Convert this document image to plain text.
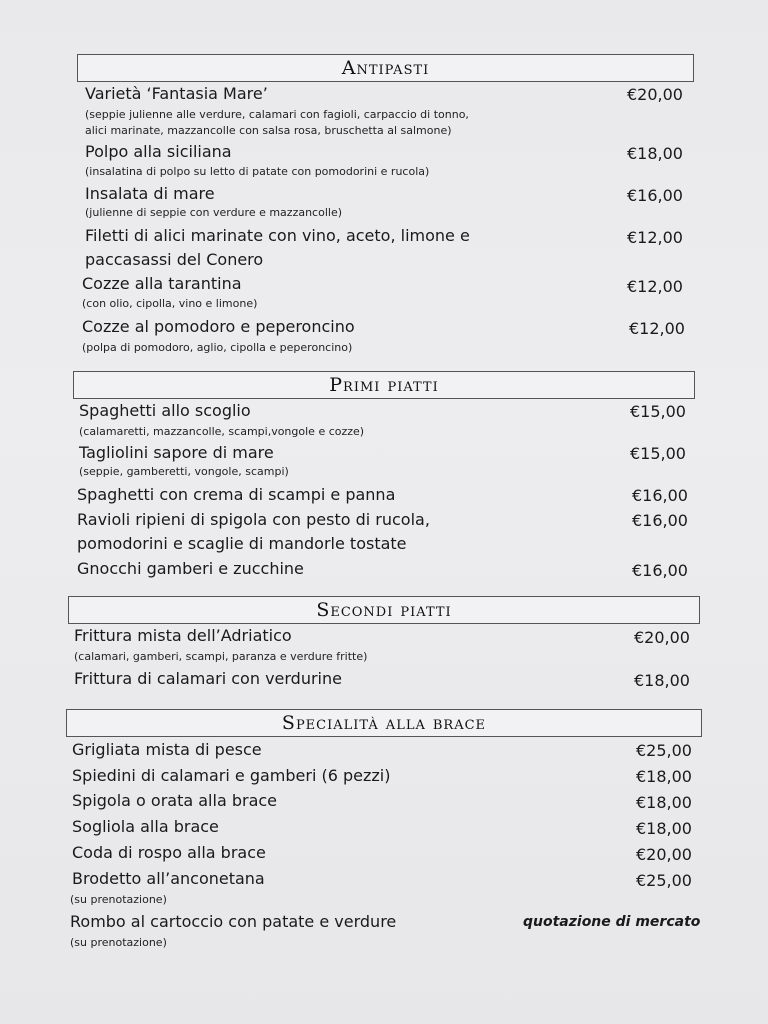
Antipasti
Varietà ‘Fantasia Mare’	€20,00
(seppie julienne alle verdure, calamari con fagioli, carpaccio di tonno,
alici marinate, mazzancolle con salsa rosa, bruschetta al salmone)
Polpo alla siciliana	€18,00
(insalatina di polpo su letto di patate con pomodorini e rucola)
Insalata di mare	€16,00
(julienne di seppie con verdure e mazzancolle)
Filetti di alici marinate con vino, aceto, limone e	€12,00
paccasassi del Conero
Cozze alla tarantina	€12,00
(con olio, cipolla, vino e limone)
Cozze al pomodoro e peperoncino	€12,00
(polpa di pomodoro, aglio, cipolla e peperoncino)
Primi piatti
Spaghetti allo scoglio	€15,00
(calamaretti, mazzancolle, scampi,vongole e cozze)
Tagliolini sapore di mare	€15,00
(seppie, gamberetti, vongole, scampi)
Spaghetti con crema di scampi e panna	€16,00
Ravioli ripieni di spigola con pesto di rucola,	€16,00
pomodorini e scaglie di mandorle tostate
Gnocchi gamberi e zucchine	€16,00
Secondi piatti
Frittura mista dell’Adriatico	€20,00
(calamari, gamberi, scampi, paranza e verdure fritte)
Frittura di calamari con verdurine	€18,00
Specialità alla brace
Grigliata mista di pesce	€25,00
Spiedini di calamari e gamberi (6 pezzi)	€18,00
Spigola o orata alla brace	€18,00
Sogliola alla brace	€18,00
Coda di rospo alla brace	€20,00
Brodetto all’anconetana	€25,00
(su prenotazione)
Rombo al cartoccio con patate e verdure	quotazione di mercato
(su prenotazione)
